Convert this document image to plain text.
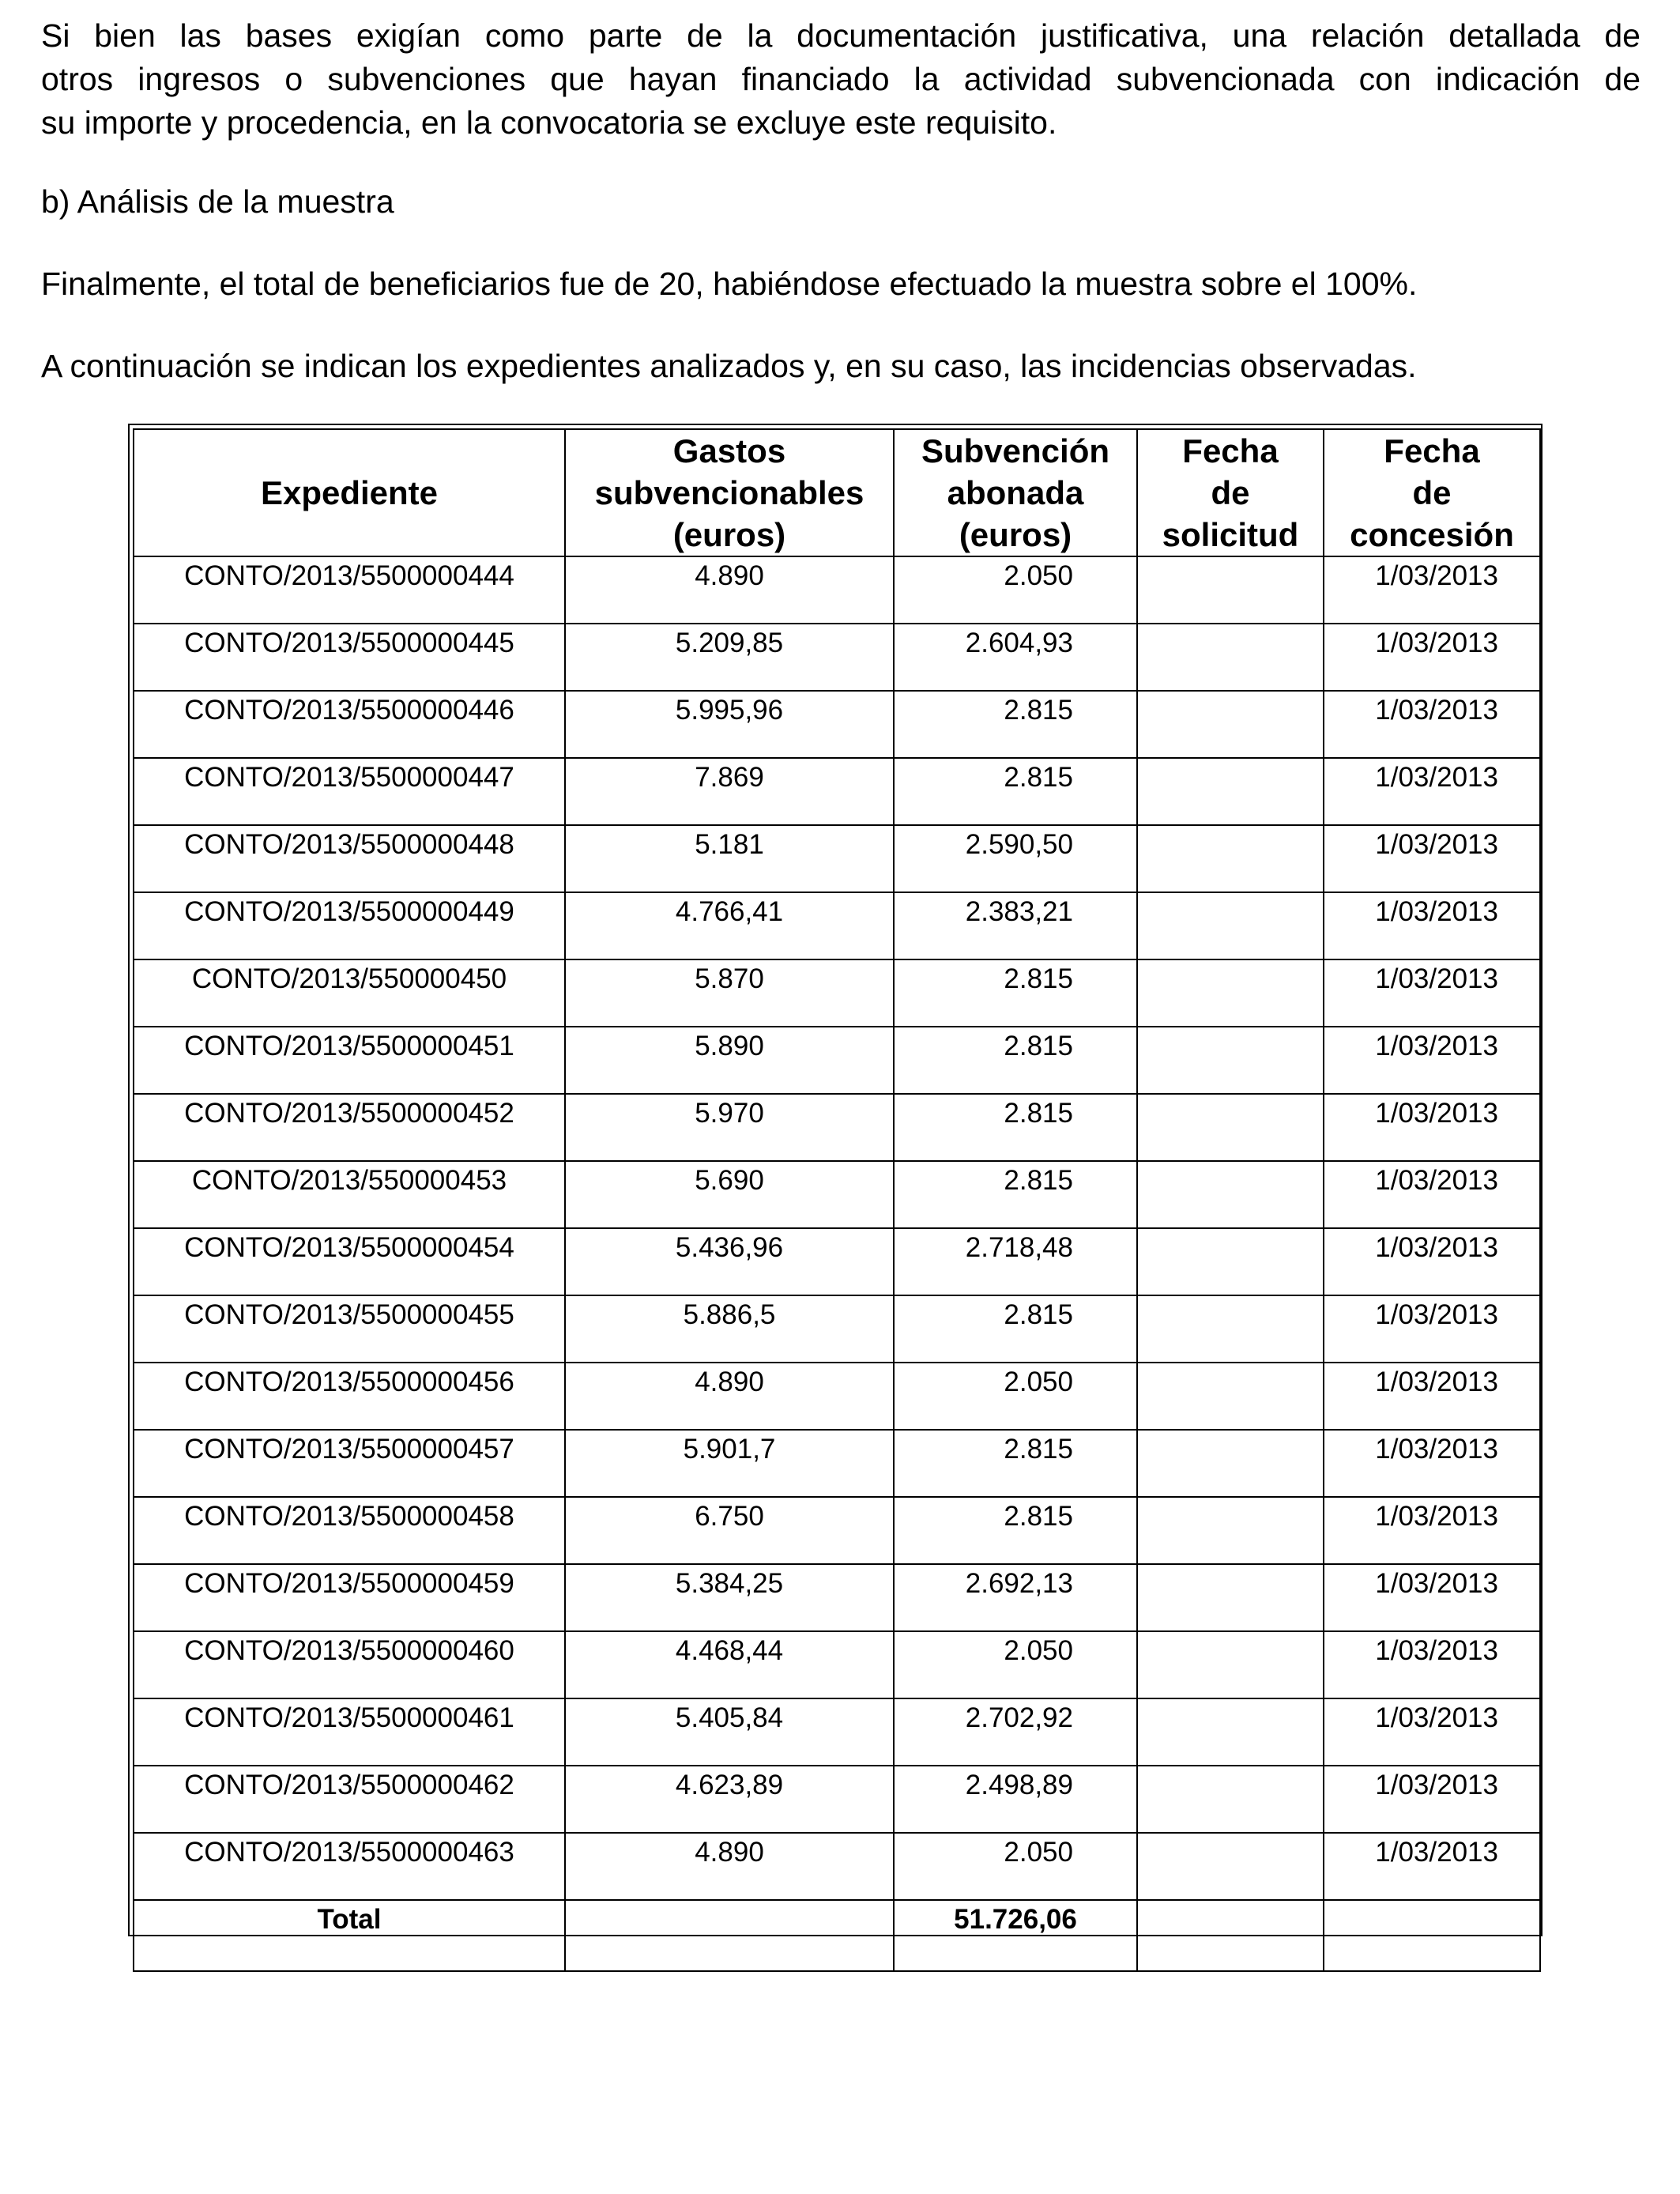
Si bien las bases exigían como parte de la documentación justificativa, una relación detallada de
otros ingresos o subvenciones que hayan financiado la actividad subvencionada con indicación de
su importe y procedencia, en la convocatoria se excluye este requisito.

b) Análisis de la muestra

Finalmente, el total de beneficiarios fue de 20, habiéndose efectuado la muestra sobre el 100%.

A continuación se indican los expedientes analizados y, en su caso, las incidencias observadas.

Expediente	Gastos
subvencionables
(euros)	Subvención
abonada
(euros)	Fecha
de
solicitud	Fecha
de
concesión
CONTO/2013/5500000444	4.890	2.050		1/03/2013
CONTO/2013/5500000445	5.209,85	2.604,93		1/03/2013
CONTO/2013/5500000446	5.995,96	2.815		1/03/2013
CONTO/2013/5500000447	7.869	2.815		1/03/2013
CONTO/2013/5500000448	5.181	2.590,50		1/03/2013
CONTO/2013/5500000449	4.766,41	2.383,21		1/03/2013
CONTO/2013/550000450	5.870	2.815		1/03/2013
CONTO/2013/5500000451	5.890	2.815		1/03/2013
CONTO/2013/5500000452	5.970	2.815		1/03/2013
CONTO/2013/550000453	5.690	2.815		1/03/2013
CONTO/2013/5500000454	5.436,96	2.718,48		1/03/2013
CONTO/2013/5500000455	5.886,5	2.815		1/03/2013
CONTO/2013/5500000456	4.890	2.050		1/03/2013
CONTO/2013/5500000457	5.901,7	2.815		1/03/2013
CONTO/2013/5500000458	6.750	2.815		1/03/2013
CONTO/2013/5500000459	5.384,25	2.692,13		1/03/2013
CONTO/2013/5500000460	4.468,44	2.050		1/03/2013
CONTO/2013/5500000461	5.405,84	2.702,92		1/03/2013
CONTO/2013/5500000462	4.623,89	2.498,89		1/03/2013
CONTO/2013/5500000463	4.890	2.050		1/03/2013
Total		51.726,06		
